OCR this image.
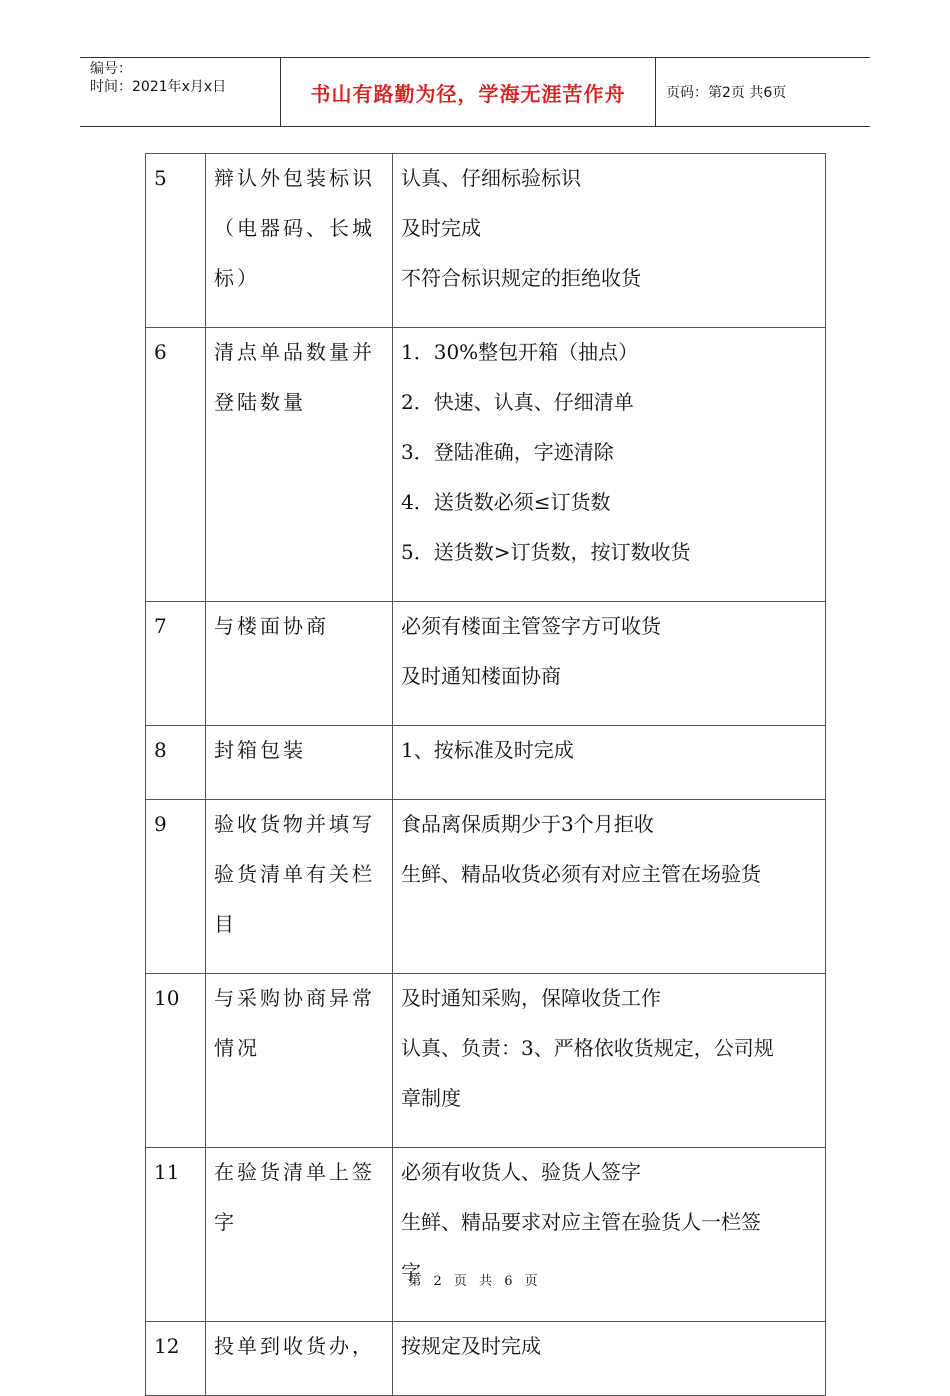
编号：
时间：2021年x月x日	书山有路勤为径，学海无涯苦作舟	页码：第2页 共6页
5	辩认外包装标识
（电器码、长城
标）	认真、仔细标验标识
及时完成
不符合标识规定的拒绝收货

6	清点单品数量并
登陆数量	1．30%整包开箱（抽点）
2．快速、认真、仔细清单
3．登陆准确，字迹清除
4．送货数必须≤订货数
5．送货数>订货数，按订数收货

7	与楼面协商	必须有楼面主管签字方可收货
及时通知楼面协商

8	封箱包装	1、按标准及时完成

9	验收货物并填写
验货清单有关栏
目	食品离保质期少于3个月拒收
生鲜、精品收货必须有对应主管在场验货

10	与采购协商异常
情况	及时通知采购，保障收货工作
认真、负责：3、严格依收货规定，公司规
章制度

11	在验货清单上签
字	必须有收货人、验货人签字
生鲜、精品要求对应主管在验货人一栏签
字

12	投单到收货办，	按规定及时完成
第 2 页 共 6 页
